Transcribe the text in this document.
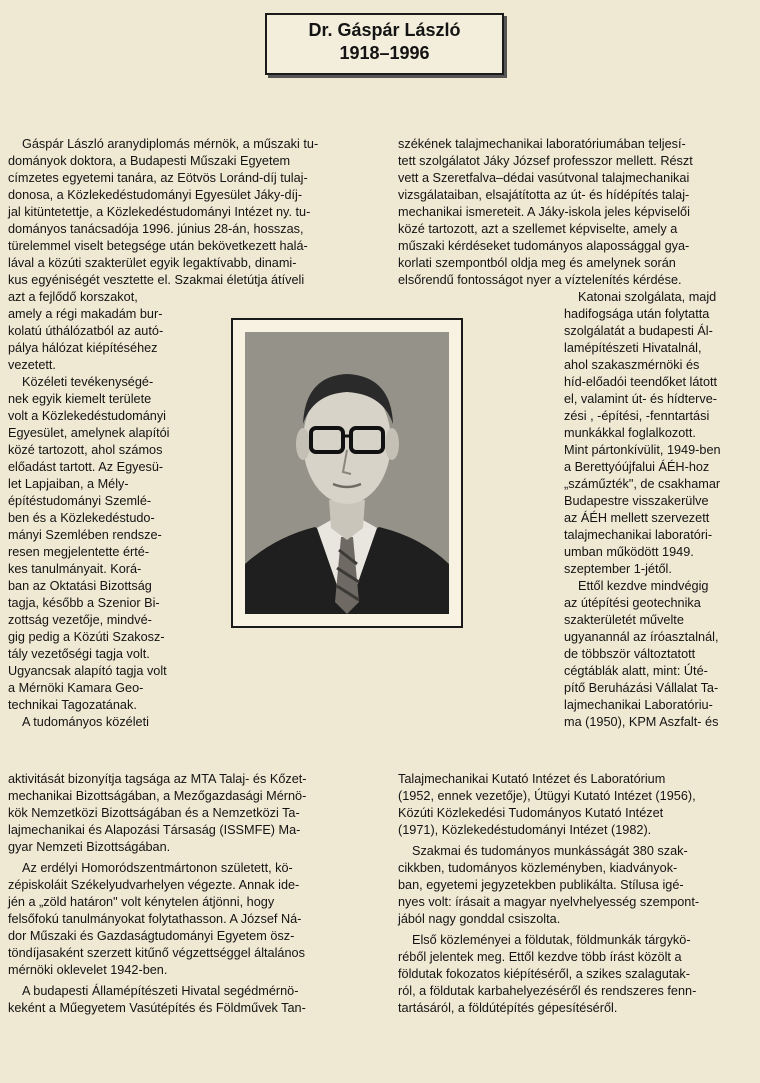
Dr. Gáspár László
1918–1996

Gáspár László aranydiplomás mérnök, a műszaki tu-
dományok doktora, a Budapesti Műszaki Egyetem
címzetes egyetemi tanára, az Eötvös Loránd-díj tulaj-
donosa, a Közlekedéstudományi Egyesület Jáky-díj-
jal kitüntetettje, a Közlekedéstudományi Intézet ny. tu-
dományos tanácsadója 1996. június 28-án, hosszas,
türelemmel viselt betegsége után bekövetkezett halá-
lával a közúti szakterület egyik legaktívabb, dinami-
kus egyéniségét vesztette el. Szakmai életútja átíveli

azt a fejlődő korszakot,
amely a régi makadám bur-
kolatú úthálózatból az autó-
pálya hálózat kiépítéséhez
vezetett.

Közéleti tevékenységé-
nek egyik kiemelt területe
volt a Közlekedéstudományi
Egyesület, amelynek alapítói
közé tartozott, ahol számos
előadást tartott. Az Egyesü-
let Lapjaiban, a Mély-
építéstudományi Szemlé-
ben és a Közlekedéstudo-
mányi Szemlében rendsze-
resen megjelentette érté-
kes tanulmányait. Korá-
ban az Oktatási Bizottság
tagja, később a Szenior Bi-
zottság vezetője, mindvé-
gig pedig a Közúti Szakosz-
tály vezetőségi tagja volt.
Ugyancsak alapító tagja volt
a Mérnöki Kamara Geo-
technikai Tagozatának.

A tudományos közéleti

aktivitását bizonyítja tagsága az MTA Talaj- és Kőzet-
mechanikai Bizottságában, a Mezőgazdasági Mérnö-
kök Nemzetközi Bizottságában és a Nemzetközi Ta-
lajmechanikai és Alapozási Társaság (ISSMFE) Ma-
gyar Nemzeti Bizottságában.

Az erdélyi Homoródszentmártonon született, kö-
zépiskoláit Székelyudvarhelyen végezte. Annak ide-
jén a „zöld határon" volt kénytelen átjönni, hogy
felsőfokú tanulmányokat folytathasson. A József Ná-
dor Műszaki és Gazdaságtudományi Egyetem ösz-
töndíjasaként szerzett kitűnő végzettséggel általános
mérnöki oklevelet 1942-ben.

A budapesti Államépítészeti Hivatal segédmérnö-
keként a Műegyetem Vasútépítés és Földművek Tan-

székének talajmechanikai laboratóriumában teljesí-
tett szolgálatot Jáky József professzor mellett. Részt
vett a Szeretfalva–dédai vasútvonal talajmechanikai
vizsgálataiban, elsajátította az út- és hídépítés talaj-
mechanikai ismereteit. A Jáky-iskola jeles képviselői
közé tartozott, azt a szellemet képviselte, amely a
műszaki kérdéseket tudományos alapossággal gya-
korlati szempontból oldja meg és amelynek során
elsőrendű fontosságot nyer a víztelenítés kérdése.

Katonai szolgálata, majd
hadifogsága után folytatta
szolgálatát a budapesti Ál-
lamépítészeti Hivatalnál,
ahol szakaszmérnöki és
híd-előadói teendőket látott
el, valamint út- és hídterve-
zési , -építési, -fenntartási
munkákkal foglalkozott.
Mint pártonkívülit, 1949-ben
a Berettyóújfalui ÁÉH-hoz
„száműzték", de csakhamar
Budapestre visszakerülve
az ÁÉH mellett szervezett
talajmechanikai laboratóri-
umban működött 1949.
szeptember 1-jétől.

Ettől kezdve mindvégig
az útépítési geotechnika
szakterületét művelte
ugyanannál az íróasztalnál,
de többször változtatott
cégtáblák alatt, mint: Úté-
pítő Beruházási Vállalat Ta-
lajmechanikai Laboratóriu-
ma (1950), KPM Aszfalt- és

Talajmechanikai Kutató Intézet és Laboratórium
(1952, ennek vezetője), Útügyi Kutató Intézet (1956),
Közúti Közlekedési Tudományos Kutató Intézet
(1971), Közlekedéstudományi Intézet (1982).

Szakmai és tudományos munkásságát 380 szak-
cikkben, tudományos közleményben, kiadványok-
ban, egyetemi jegyzetekben publikálta. Stílusa igé-
nyes volt: írásait a magyar nyelvhelyesség szempont-
jából nagy gonddal csiszolta.

Első közleményei a földutak, földmunkák tárgykö-
réből jelentek meg. Ettől kezdve több írást közölt a
földutak fokozatos kiépítéséről, a szikes szalagutak-
ról, a földutak karbahelyezéséről és rendszeres fenn-
tartásáról, a földútépítés gépesítéséről.
